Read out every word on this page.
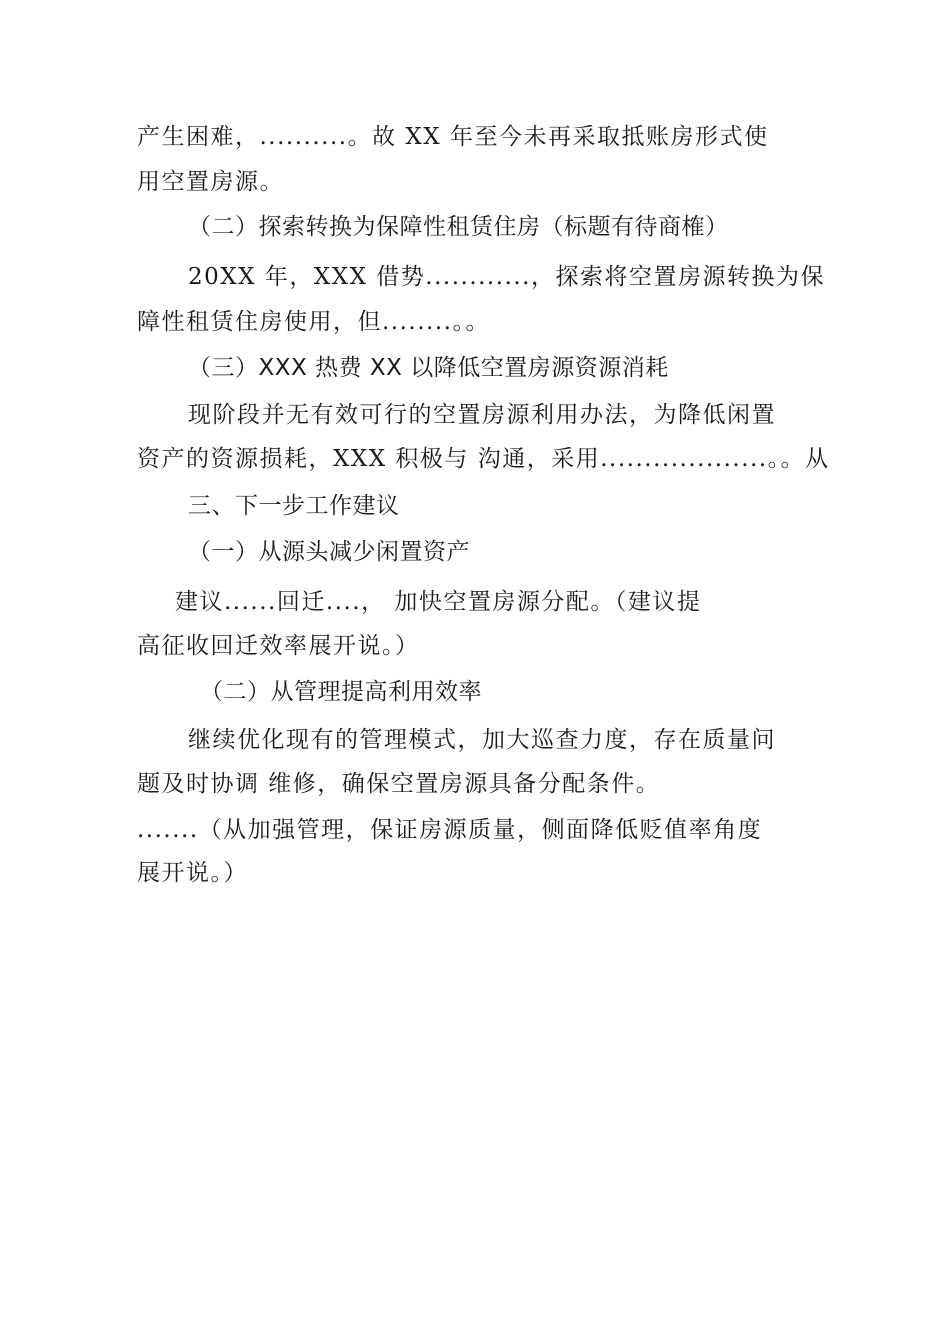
产生困难，..........。故 XX 年至今未再采取抵账房形式使
用空置房源。
（二）探索转换为保障性租赁住房（标题有待商榷）
20XX 年，XXX 借势............，探索将空置房源转换为保
障性租赁住房使用，但........。。
（三）XXX 热费 XX 以降低空置房源资源消耗
现阶段并无有效可行的空置房源利用办法，为降低闲置
资产的资源损耗，XXX 积极与 沟通，采用...................。。从
三、下一步工作建议
（一）从源头减少闲置资产
建议......回迁....， 加快空置房源分配。（建议提
高征收回迁效率展开说。）
（二）从管理提高利用效率
继续优化现有的管理模式，加大巡查力度，存在质量问
题及时协调 维修，确保空置房源具备分配条件。
.......（从加强管理，保证房源质量，侧面降低贬值率角度
展开说。）
